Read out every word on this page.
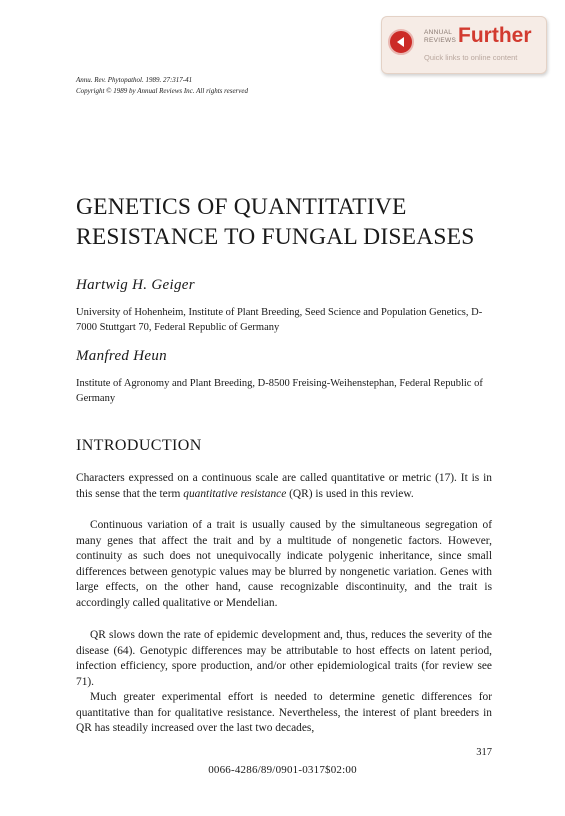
ANNUAL
REVIEWS Further
Quick links to online content
Annu. Rev. Phytopathol. 1989. 27:317-41
Copyright © 1989 by Annual Reviews Inc. All rights reserved
GENETICS OF QUANTITATIVE RESISTANCE TO FUNGAL DISEASES
Hartwig H. Geiger
University of Hohenheim, Institute of Plant Breeding, Seed Science and Population Genetics, D-7000 Stuttgart 70, Federal Republic of Germany
Manfred Heun
Institute of Agronomy and Plant Breeding, D-8500 Freising-Weihenstephan, Federal Republic of Germany
INTRODUCTION

Characters expressed on a continuous scale are called quantitative or metric (17). It is in this sense that the term quantitative resistance (QR) is used in this review.

Continuous variation of a trait is usually caused by the simultaneous segregation of many genes that affect the trait and by a multitude of nongenetic factors. However, continuity as such does not unequivocally indicate polygenic inheritance, since small differences between genotypic values may be blurred by nongenetic variation. Genes with large effects, on the other hand, cause recognizable discontinuity, and the trait is accordingly called qualitative or Mendelian.

QR slows down the rate of epidemic development and, thus, reduces the severity of the disease (64). Genotypic differences may be attributable to host effects on latent period, infection efficiency, spore production, and/or other epidemiological traits (for review see 71).

Much greater experimental effort is needed to determine genetic differences for quantitative than for qualitative resistance. Nevertheless, the interest of plant breeders in QR has steadily increased over the last two decades,

317
0066-4286/89/0901-0317$02:00
